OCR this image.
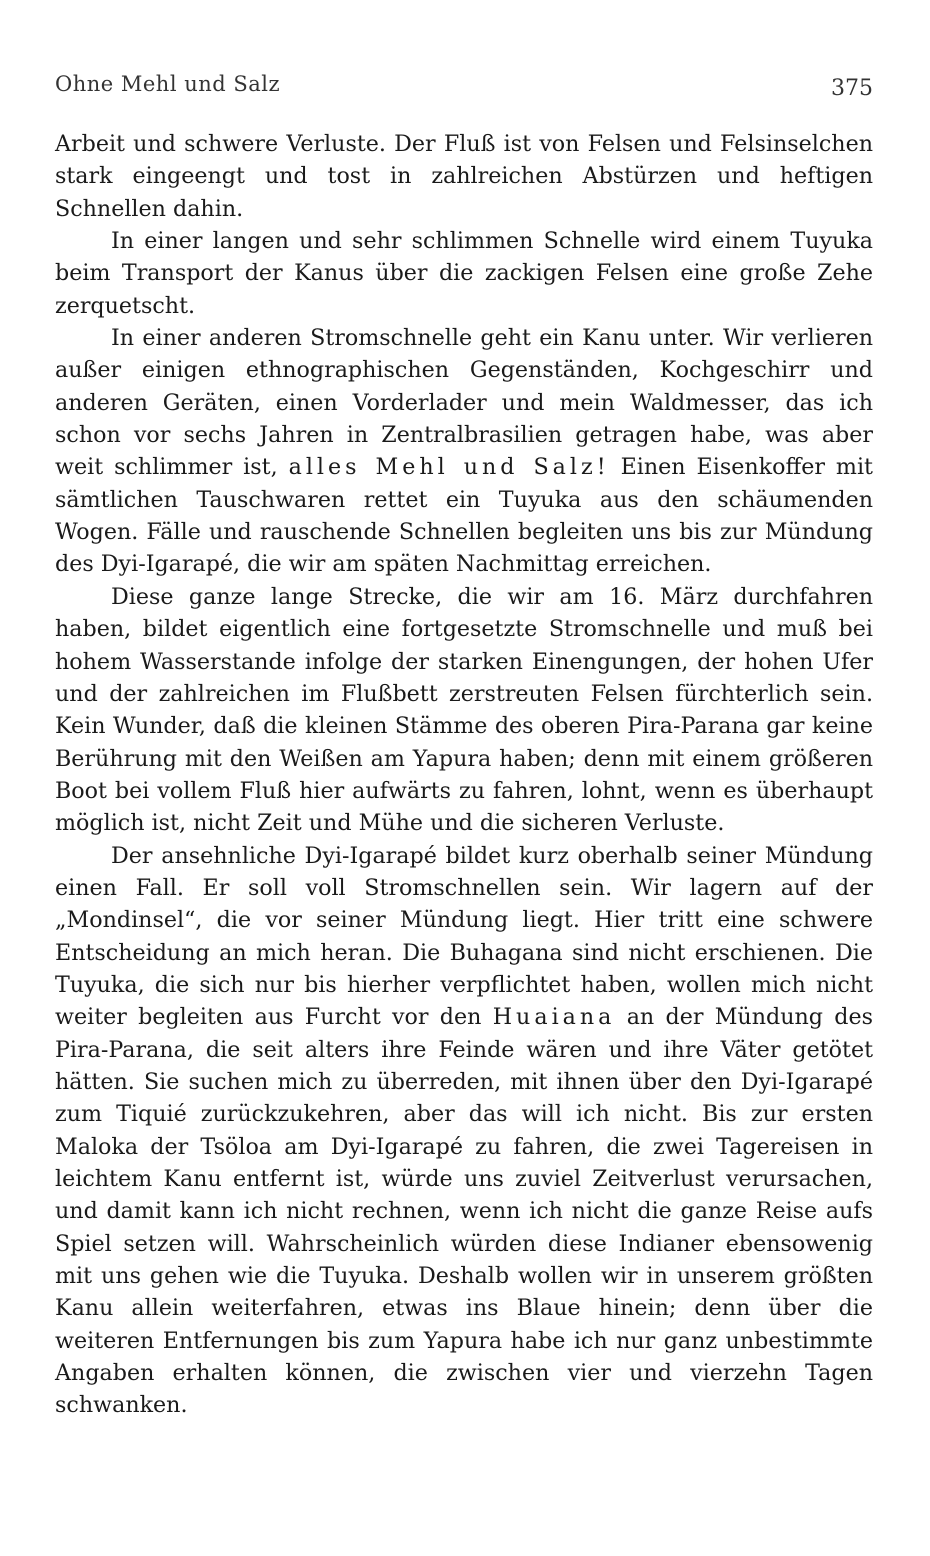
Ohne Mehl und Salz	375

Arbeit und schwere Verluste. Der Fluß ist von Felsen und Felsinselchen stark eingeengt und tost in zahlreichen Abstürzen und heftigen Schnellen dahin.

In einer langen und sehr schlimmen Schnelle wird einem Tuyuka beim Transport der Kanus über die zackigen Felsen eine große Zehe zerquetscht.

In einer anderen Stromschnelle geht ein Kanu unter. Wir verlieren außer einigen ethnographischen Gegenständen, Kochgeschirr und anderen Geräten, einen Vorderlader und mein Waldmesser, das ich schon vor sechs Jahren in Zentralbrasilien getragen habe, was aber weit schlimmer ist, alles Mehl und Salz! Einen Eisenkoffer mit sämtlichen Tauschwaren rettet ein Tuyuka aus den schäumenden Wogen. Fälle und rauschende Schnellen begleiten uns bis zur Mündung des Dyi-Igarapé, die wir am späten Nachmittag erreichen.

Diese ganze lange Strecke, die wir am 16. März durchfahren haben, bildet eigentlich eine fortgesetzte Stromschnelle und muß bei hohem Wasserstande infolge der starken Einengungen, der hohen Ufer und der zahlreichen im Flußbett zerstreuten Felsen fürchterlich sein. Kein Wunder, daß die kleinen Stämme des oberen Pira-Parana gar keine Berührung mit den Weißen am Yapura haben; denn mit einem größeren Boot bei vollem Fluß hier aufwärts zu fahren, lohnt, wenn es überhaupt möglich ist, nicht Zeit und Mühe und die sicheren Verluste.

Der ansehnliche Dyi-Igarapé bildet kurz oberhalb seiner Mündung einen Fall. Er soll voll Stromschnellen sein. Wir lagern auf der „Mondinsel“, die vor seiner Mündung liegt. Hier tritt eine schwere Entscheidung an mich heran. Die Buhagana sind nicht erschienen. Die Tuyuka, die sich nur bis hierher verpflichtet haben, wollen mich nicht weiter begleiten aus Furcht vor den Huaiana an der Mündung des Pira-Parana, die seit alters ihre Feinde wären und ihre Väter getötet hätten. Sie suchen mich zu überreden, mit ihnen über den Dyi-Igarapé zum Tiquié zurückzukehren, aber das will ich nicht. Bis zur ersten Maloka der Tsöloa am Dyi-Igarapé zu fahren, die zwei Tagereisen in leichtem Kanu entfernt ist, würde uns zuviel Zeitverlust verursachen, und damit kann ich nicht rechnen, wenn ich nicht die ganze Reise aufs Spiel setzen will. Wahrscheinlich würden diese Indianer ebensowenig mit uns gehen wie die Tuyuka. Deshalb wollen wir in unserem größten Kanu allein weiterfahren, etwas ins Blaue hinein; denn über die weiteren Entfernungen bis zum Yapura habe ich nur ganz unbestimmte Angaben erhalten können, die zwischen vier und vierzehn Tagen schwanken.
